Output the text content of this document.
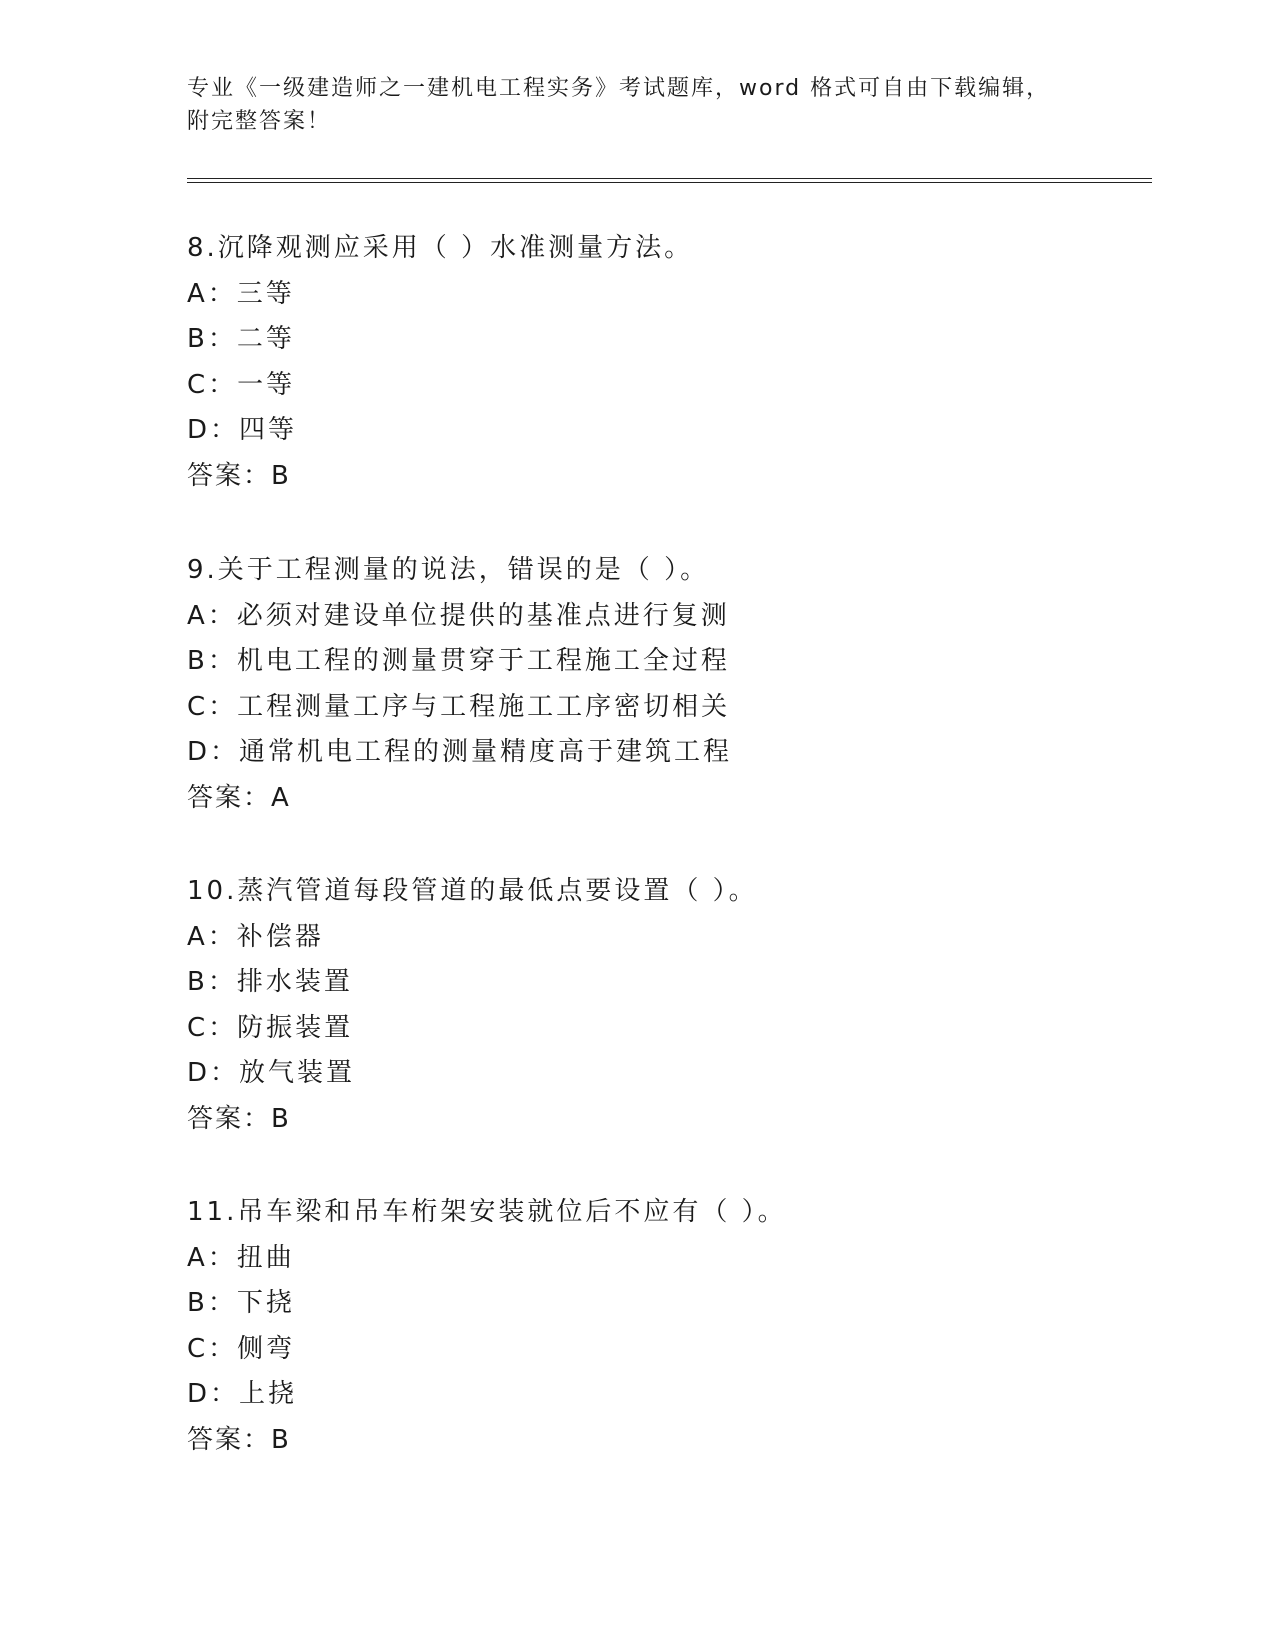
专业《一级建造师之一建机电工程实务》考试题库，word 格式可自由下载编辑，
附完整答案！
8.沉降观测应采用（ ）水准测量方法。
A：三等
B：二等
C：一等
D：四等
答案：B
9.关于工程测量的说法，错误的是（ ）。
A：必须对建设单位提供的基准点进行复测
B：机电工程的测量贯穿于工程施工全过程
C：工程测量工序与工程施工工序密切相关
D：通常机电工程的测量精度高于建筑工程
答案：A
10.蒸汽管道每段管道的最低点要设置（ ）。
A：补偿器
B：排水装置
C：防振装置
D：放气装置
答案：B
11.吊车梁和吊车桁架安装就位后不应有（ ）。
A：扭曲
B：下挠
C：侧弯
D：上挠
答案：B
